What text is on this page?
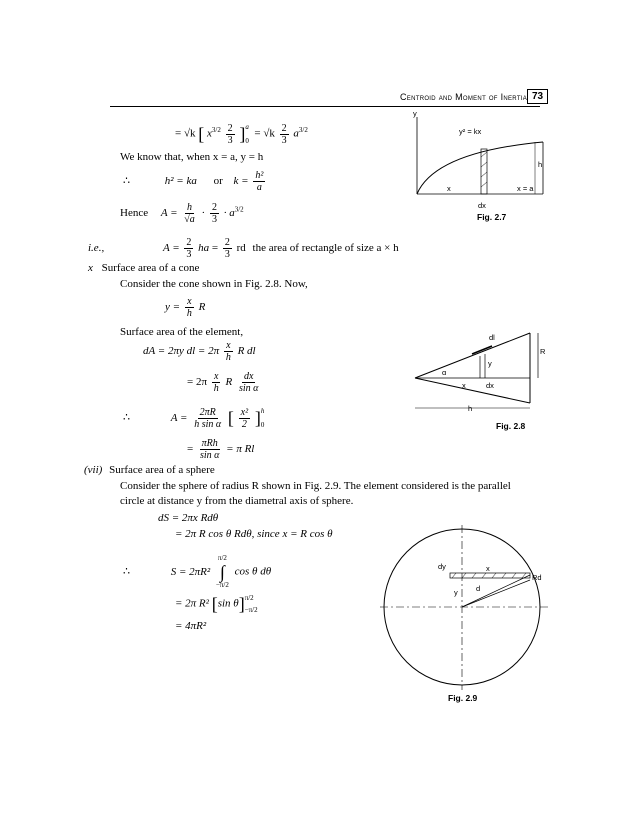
Centroid and Moment of Inertia 73
= √k [ $x^{3/2} \frac{2}{3}$ ] a
0
= $√k \frac{2}{3} a^{3/2}$
We know that, when x = a, y = h
∴	h² = ka or $k = \frac{\text{h²}}{a}$
Hence $A = \frac{h}{√a} \cdot \frac{2}{3} \cdot a^{3/2}$
i.e.,	$A = \frac{2}{3}$ ha = $\frac{2}{3}$ rd the area of rectangle of size a × h
x Surface area of a cone
Consider the cone shown in Fig. 2.8. Now,
$y = \frac{x}{h}$ R
Surface area of the element,
dA = 2πy dl = $2\pi \frac{x}{h}$ R dl
= $2\pi \frac{x}{h}$ R $\frac{dx}{\text{sin α}}$
∴	$A = \frac{2\pi R}{\text{h sin α}}$ [ $\frac{\text{x²}}{2}$ ] h
0
= $\frac{\text{πRh}}{\text{sin α}} = \pi$ Rl
(vii) Surface area of a sphere
Consider the sphere of radius R shown in Fig. 2.9. The element considered is the parallel
circle at distance y from the diametral axis of sphere.
dS = 2πx Rdθ
= 2π R cos θ Rdθ, since x = R cos θ
∴	S = 2πR²
π/2
∫
−π/2
cos θ dθ
= 2π R² [sin θ] π/2
−π/2
= 4πR²
y
y² = kx
h
x	x = a
dx
Fig. 2.7
dl
R
y
α
x	dx
h
Fig. 2.8
dy	x
Rd
d
y
Fig. 2.9
